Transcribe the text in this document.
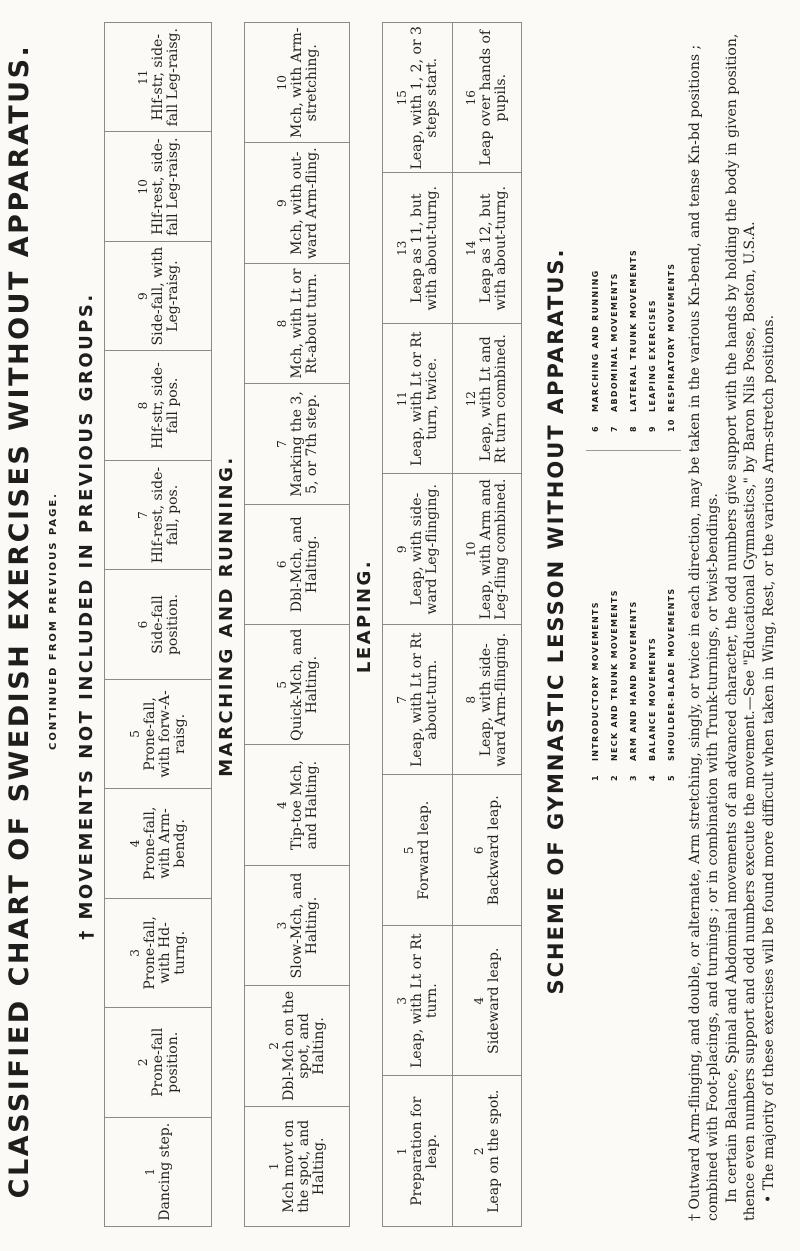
CLASSIFIED CHART OF SWEDISH EXERCISES WITHOUT APPARATUS. CONTINUED FROM PREVIOUS PAGE. † MOVEMENTS NOT INCLUDED IN PREVIOUS GROUPS.
1 Dancing step.

2 Prone-fall position.

3 Prone-fall, with Hd-turng.

4 Prone-fall, with Arm-bendg.

5 Prone-fall, with forw-A-raisg.

6 Side-fall position.

7 Hlf-rest, side-fall, pos.

8 Hlf-str, side-fall pos.

9 Side-fall, with Leg-raisg.

10 Hlf-rest, side-fall Leg-raisg.

11 Hlf-str, side-fall Leg-raisg.
MARCHING AND RUNNING.
1 Mch movt on the spot, and Halting.

2 Dbl-Mch on the spot, and Halting.

3 Slow-Mch, and Halting.

4 Tip-toe Mch, and Halting.

5 Quick-Mch, and Halting.

6 Dbl-Mch, and Halting.

7 Marking the 3, 5, or 7th step.

8 Mch, with Lt or Rt-about turn.

9 Mch, with out-ward Arm-fling.

10 Mch, with Arm-stretching.
LEAPING.
1 Preparation for leap.	3 Leap, with Lt or Rt turn.	5 Forward leap.	7 Leap, with Lt or Rt about-turn.	9 Leap, with side-ward Leg-flinging.	11 Leap, with Lt or Rt turn, twice.	13 Leap as 11, but with about-turng.	15 Leap, with 1, 2, or 3 steps start.

2 Leap on the spot.	4 Sideward leap.	6 Backward leap.	8 Leap, with side-ward Arm-flinging.	10 Leap, with Arm and Leg-fling combined.	12 Leap, with Lt and Rt turn combined.	14 Leap as 12, but with about-turng.	16 Leap over hands of pupils.
SCHEME OF GYMNASTIC LESSON WITHOUT APPARATUS.	1INTRODUCTORY MOVEMENTS
2NECK AND TRUNK MOVEMENTS
3ARM AND HAND MOVEMENTS
4BALANCE MOVEMENTS
5SHOULDER-BLADE MOVEMENTS
6MARCHING AND RUNNING
7ABDOMINAL MOVEMENTS
8LATERAL TRUNK MOVEMENTS
9LEAPING EXERCISES
10RESPIRATORY MOVEMENTS † Outward Arm-flinging, and double, or alternate, Arm stretching, singly, or twice in each direction, may be taken in the various Kn-bend, and tense Kn-bd positions ; combined with Foot-placings, and turnings ; or in combination with Trunk-turnings, or twist-bendings. In certain Balance, Spinal and Abdominal movements of an advanced character, the odd numbers give support with the hands by holding the body in given position, thence even numbers support and odd numbers execute the movement.—See "Educational Gymnastics," by Baron Nils Posse, Boston, U.S.A. • The majority of these exercises will be found more difficult when taken in Wing, Rest, or the various Arm-stretch positions.
